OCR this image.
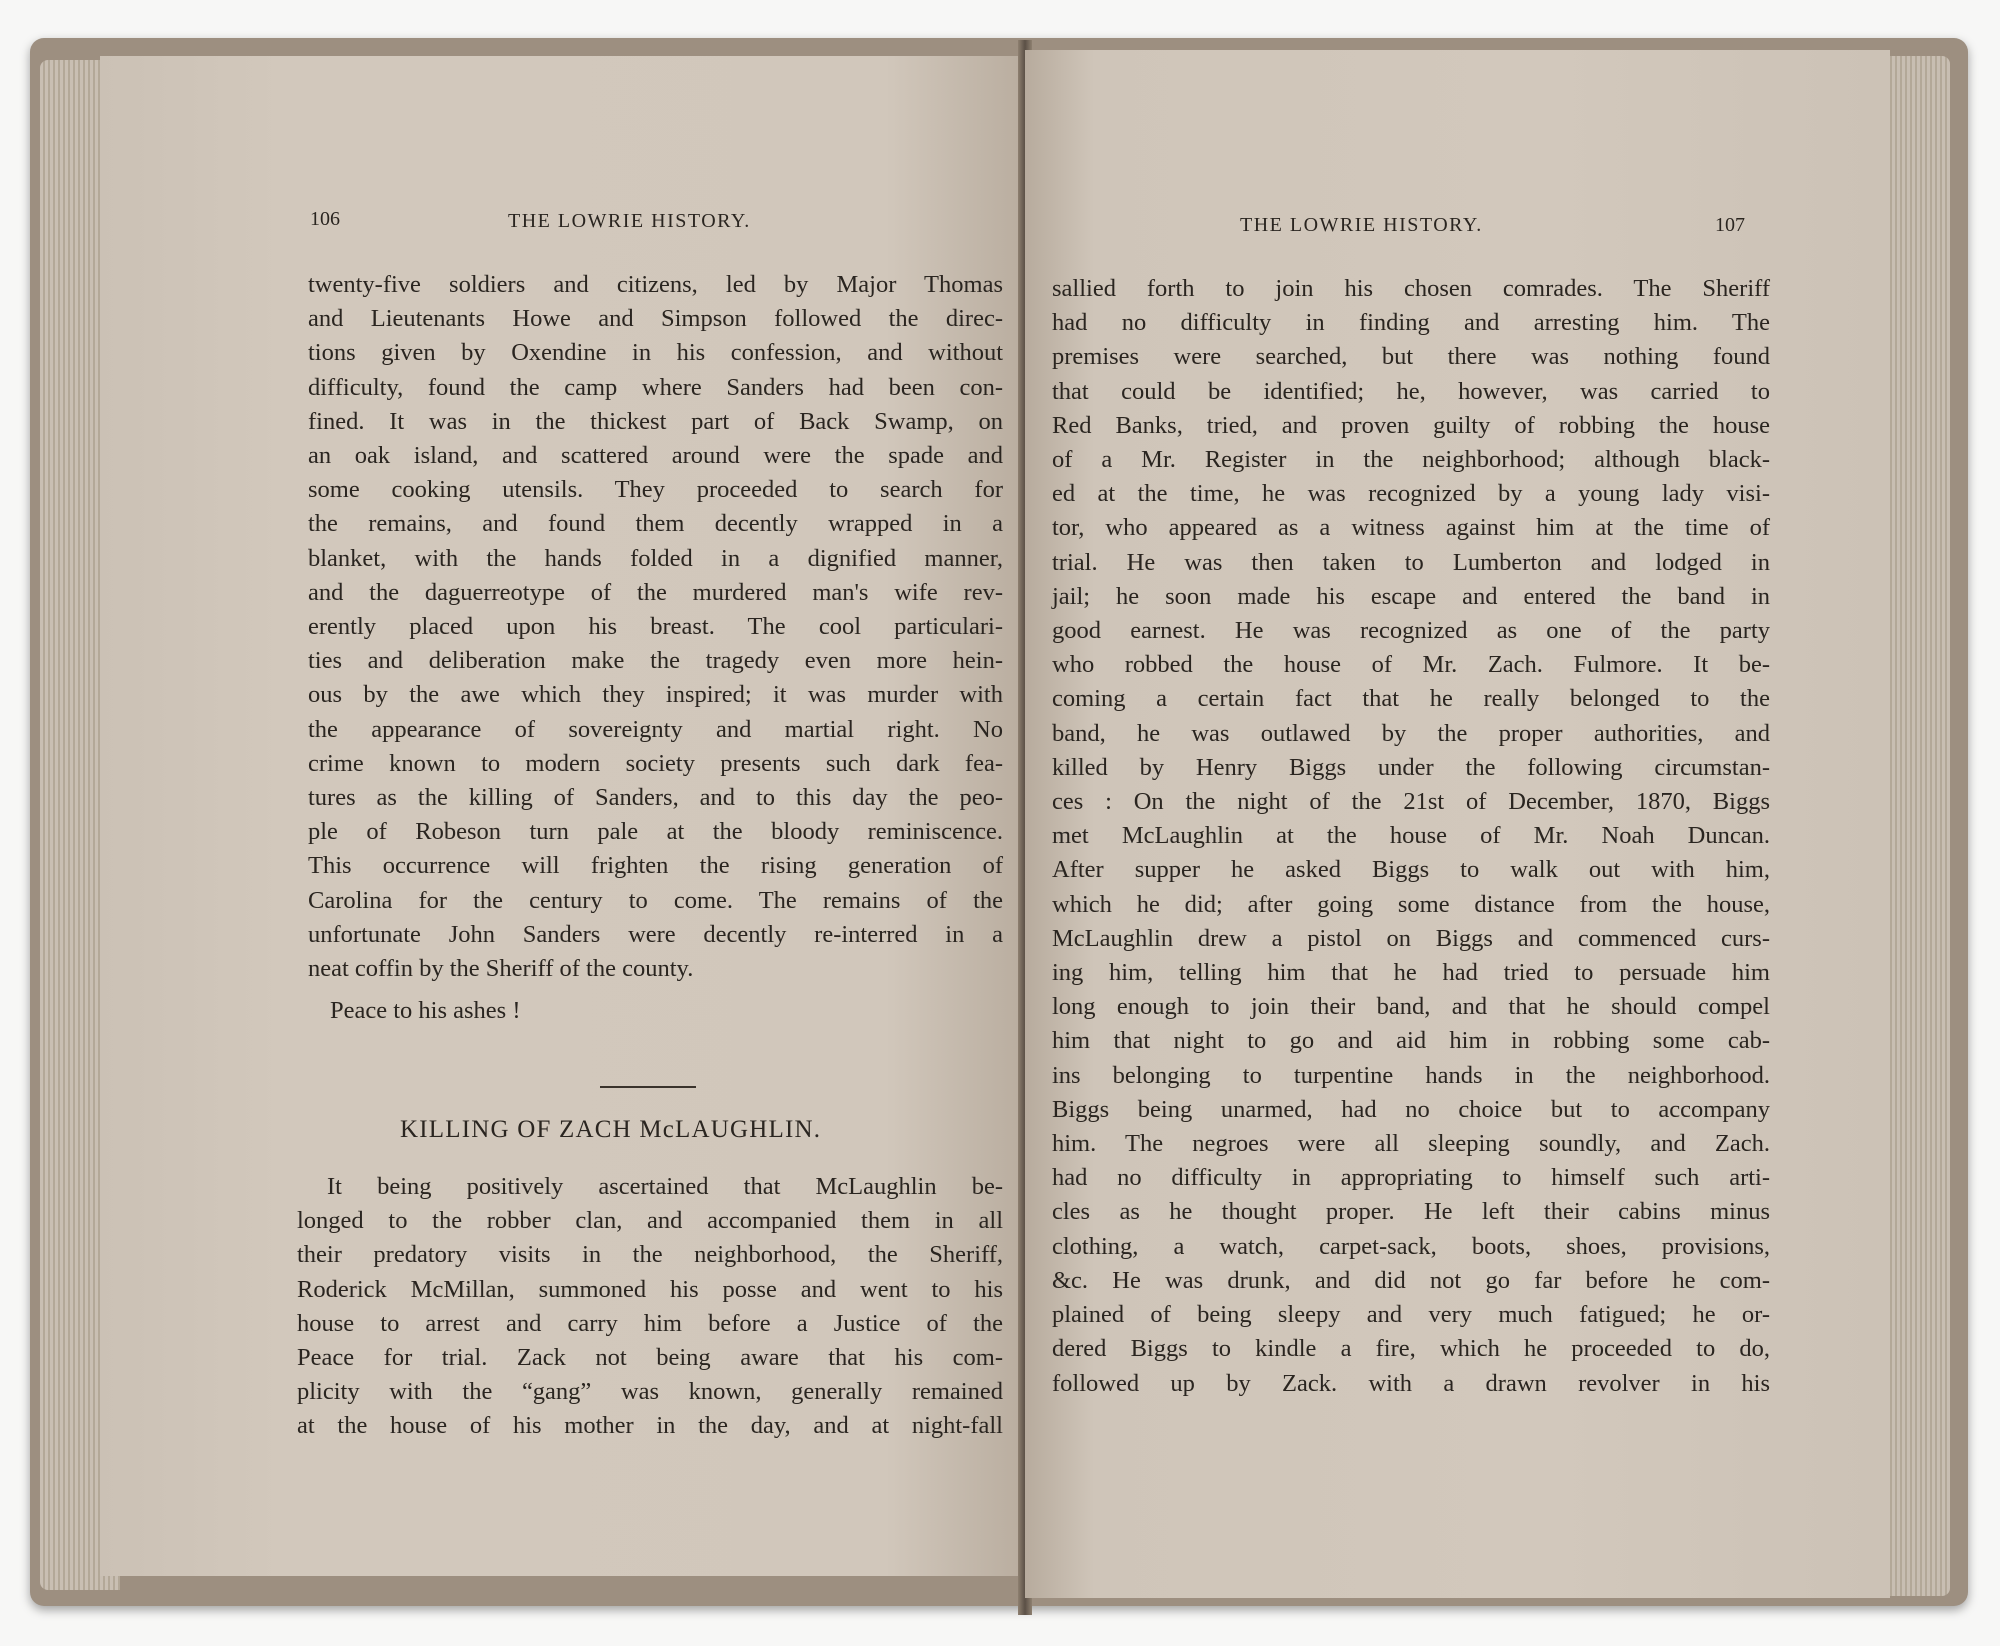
106	THE LOWRIE HISTORY.
twenty-five soldiers and citizens, led by Major Thomas
and Lieutenants Howe and Simpson followed the direc-
tions given by Oxendine in his confession, and without
difficulty, found the camp where Sanders had been con-
fined. It was in the thickest part of Back Swamp, on
an oak island, and scattered around were the spade and
some cooking utensils. They proceeded to search for
the remains, and found them decently wrapped in a
blanket, with the hands folded in a dignified manner,
and the daguerreotype of the murdered man's wife rev-
erently placed upon his breast. The cool particulari-
ties and deliberation make the tragedy even more hein-
ous by the awe which they inspired; it was murder with
the appearance of sovereignty and martial right. No
crime known to modern society presents such dark fea-
tures as the killing of Sanders, and to this day the peo-
ple of Robeson turn pale at the bloody reminiscence.
This occurrence will frighten the rising generation of
Carolina for the century to come. The remains of the
unfortunate John Sanders were decently re-interred in a
neat coffin by the Sheriff of the county.
Peace to his ashes !
KILLING OF ZACH McLAUGHLIN.
It being positively ascertained that McLaughlin be-
longed to the robber clan, and accompanied them in all
their predatory visits in the neighborhood, the Sheriff,
Roderick McMillan, summoned his posse and went to his
house to arrest and carry him before a Justice of the
Peace for trial. Zack not being aware that his com-
plicity with the “gang” was known, generally remained
at the house of his mother in the day, and at night-fall
THE LOWRIE HISTORY.	107
sallied forth to join his chosen comrades. The Sheriff
had no difficulty in finding and arresting him. The
premises were searched, but there was nothing found
that could be identified; he, however, was carried to
Red Banks, tried, and proven guilty of robbing the house
of a Mr. Register in the neighborhood; although black-
ed at the time, he was recognized by a young lady visi-
tor, who appeared as a witness against him at the time of
trial. He was then taken to Lumberton and lodged in
jail; he soon made his escape and entered the band in
good earnest. He was recognized as one of the party
who robbed the house of Mr. Zach. Fulmore. It be-
coming a certain fact that he really belonged to the
band, he was outlawed by the proper authorities, and
killed by Henry Biggs under the following circumstan-
ces : On the night of the 21st of December, 1870, Biggs
met McLaughlin at the house of Mr. Noah Duncan.
After supper he asked Biggs to walk out with him,
which he did; after going some distance from the house,
McLaughlin drew a pistol on Biggs and commenced curs-
ing him, telling him that he had tried to persuade him
long enough to join their band, and that he should compel
him that night to go and aid him in robbing some cab-
ins belonging to turpentine hands in the neighborhood.
Biggs being unarmed, had no choice but to accompany
him. The negroes were all sleeping soundly, and Zach.
had no difficulty in appropriating to himself such arti-
cles as he thought proper. He left their cabins minus
clothing, a watch, carpet-sack, boots, shoes, provisions,
&c. He was drunk, and did not go far before he com-
plained of being sleepy and very much fatigued; he or-
dered Biggs to kindle a fire, which he proceeded to do,
followed up by Zack. with a drawn revolver in his
